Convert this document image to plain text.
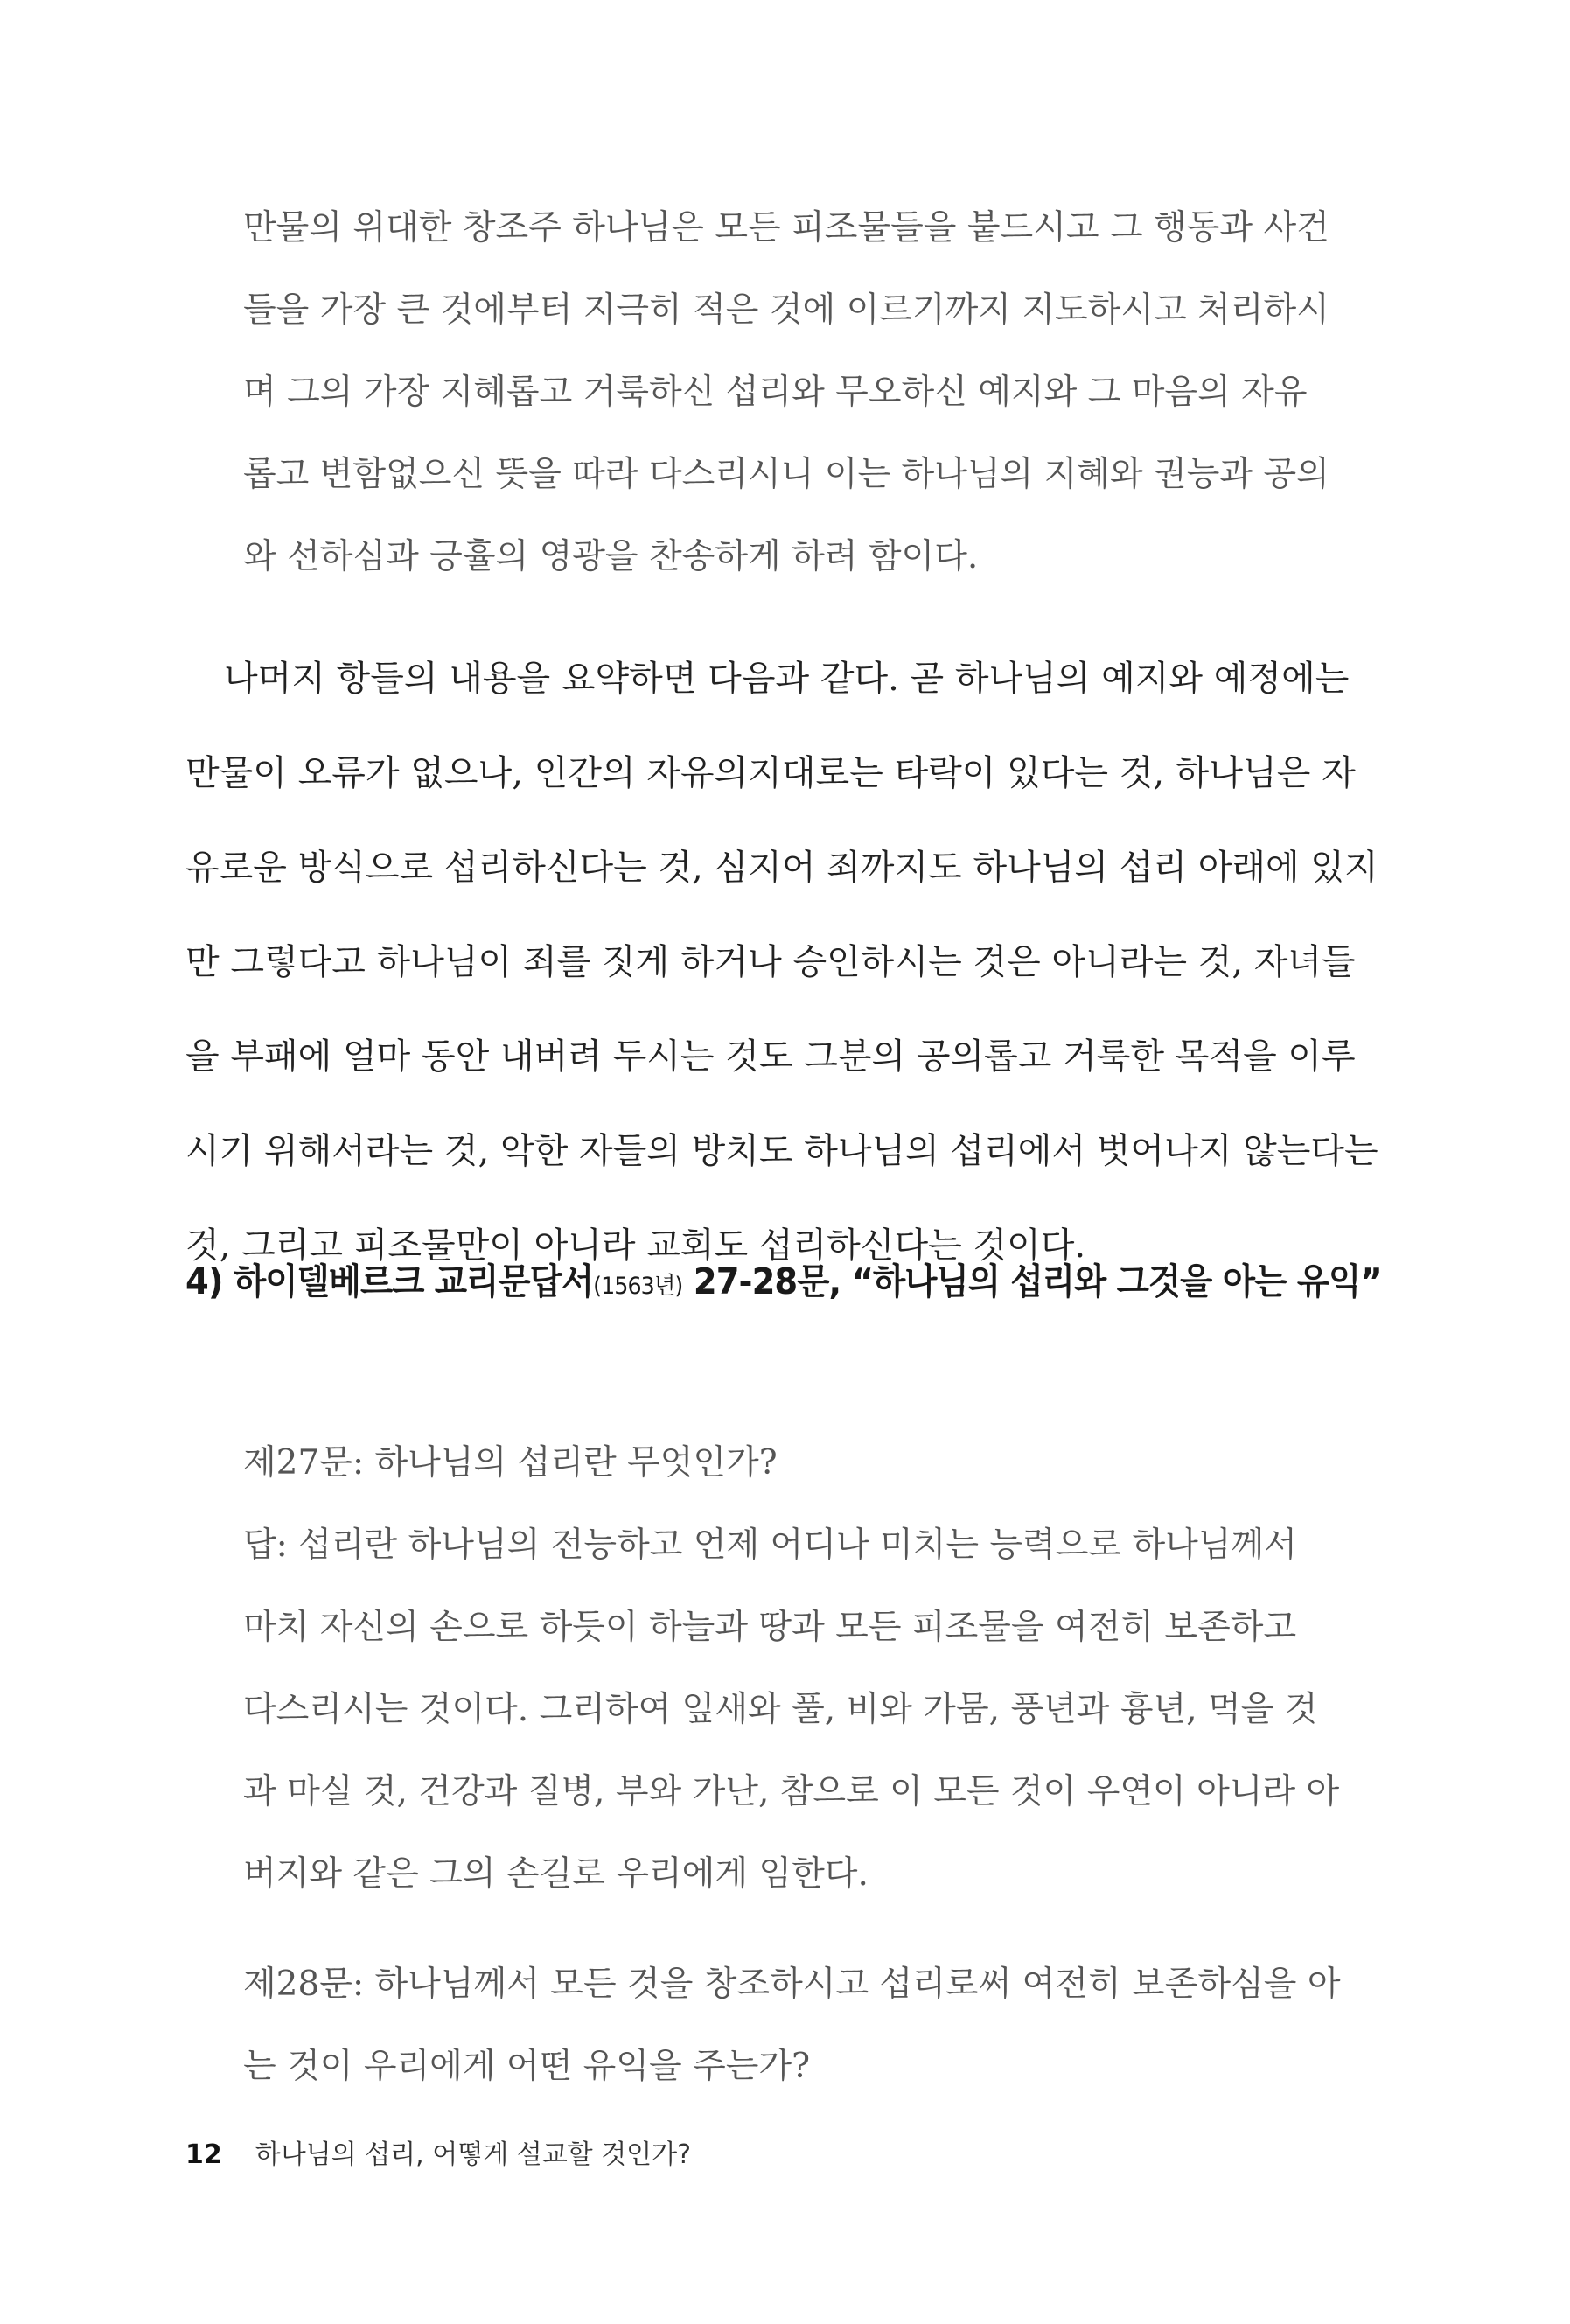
만물의 위대한 창조주 하나님은 모든 피조물들을 붙드시고 그 행동과 사건
들을 가장 큰 것에부터 지극히 적은 것에 이르기까지 지도하시고 처리하시
며 그의 가장 지혜롭고 거룩하신 섭리와 무오하신 예지와 그 마음의 자유
롭고 변함없으신 뜻을 따라 다스리시니 이는 하나님의 지혜와 권능과 공의
와 선하심과 긍휼의 영광을 찬송하게 하려 함이다.
나머지 항들의 내용을 요약하면 다음과 같다. 곧 하나님의 예지와 예정에는
만물이 오류가 없으나, 인간의 자유의지대로는 타락이 있다는 것, 하나님은 자
유로운 방식으로 섭리하신다는 것, 심지어 죄까지도 하나님의 섭리 아래에 있지
만 그렇다고 하나님이 죄를 짓게 하거나 승인하시는 것은 아니라는 것, 자녀들
을 부패에 얼마 동안 내버려 두시는 것도 그분의 공의롭고 거룩한 목적을 이루
시기 위해서라는 것, 악한 자들의 방치도 하나님의 섭리에서 벗어나지 않는다는
것, 그리고 피조물만이 아니라 교회도 섭리하신다는 것이다.
4) 하이델베르크 교리문답서(1563년) 27-28문, “하나님의 섭리와 그것을 아는 유익”
제27문: 하나님의 섭리란 무엇인가?
답: 섭리란 하나님의 전능하고 언제 어디나 미치는 능력으로 하나님께서
마치 자신의 손으로 하듯이 하늘과 땅과 모든 피조물을 여전히 보존하고
다스리시는 것이다. 그리하여 잎새와 풀, 비와 가뭄, 풍년과 흉년, 먹을 것
과 마실 것, 건강과 질병, 부와 가난, 참으로 이 모든 것이 우연이 아니라 아
버지와 같은 그의 손길로 우리에게 임한다.
제28문: 하나님께서 모든 것을 창조하시고 섭리로써 여전히 보존하심을 아
는 것이 우리에게 어떤 유익을 주는가?
12 하나님의 섭리, 어떻게 설교할 것인가?
